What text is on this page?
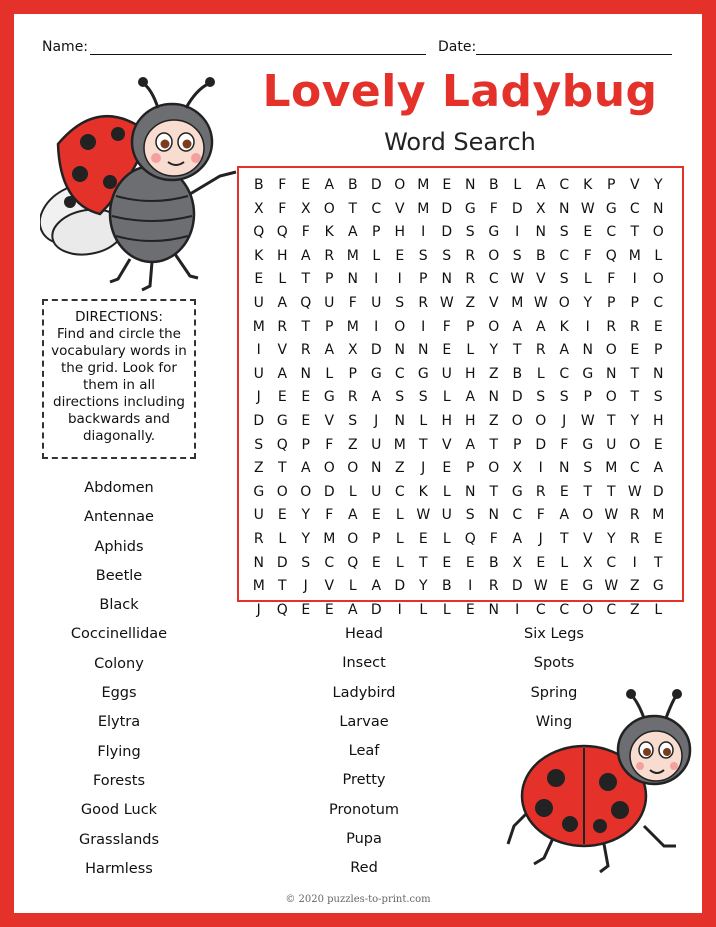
Name:	Date:
Lovely Ladybug
Word Search
DIRECTIONS:
Find and circle the vocabulary words in the grid. Look for them in all directions including backwards and diagonally.
B	F	E	A B D O M E N B	L	A C	K	P	V	Y
X	F	X O T	C V M D G	F	D X N W G C N
Q Q F	K	A	P	H	I	D S G	I	N S	E	C	T O
K H A R M L	E	S	S	R O S	B C	F Q M L
E	L	T	P	N	I	I	P	N R C W V	S	L	F	I	O
U A Q U	F	U S	R W Z V M W O Y	P	P	C
M R	T	P M	I	O	I	F	P O A A	K	I	R R	E
I	V R A X D N N E	L	Y	T	R A N O E	P
U A N	L	P G C G U H Z B	L	C G N T N
J	E	E G R A	S	S	L	A N D S	S	P O T	S
D G E	V	S	J	N	L	H H Z O O	J	W T	Y H
S Q P	F	Z U M T	V A	T	P D	F	G U O E
Z	T	A O O N Z	J	E	P O X	I	N S M C A
G O O D	L	U C	K	L	N T G R	E	T	T W D
U E	Y	F	A	E	L W U S N C	F	A O W R M
R	L	Y M O P	L	E	L	Q F	A	J	T	V	Y	R	E
N D S	C Q E	L	T	E	E	B X	E	L	X C	I	T
M T	J	V	L	A D Y	B	I	R D W E G W Z G
J	Q E	E	A D	I	L	L	E N	I	C C O C Z	L
Abdomen
Antennae
Aphids
Beetle
Black
Coccinellidae
Colony
Eggs
Elytra
Flying
Forests
Good Luck
Grasslands
Harmless
Head
Insect
Ladybird
Larvae
Leaf
Pretty
Pronotum
Pupa
Red
Six Legs
Spots
Spring
Wing
© 2020 puzzles-to-print.com
